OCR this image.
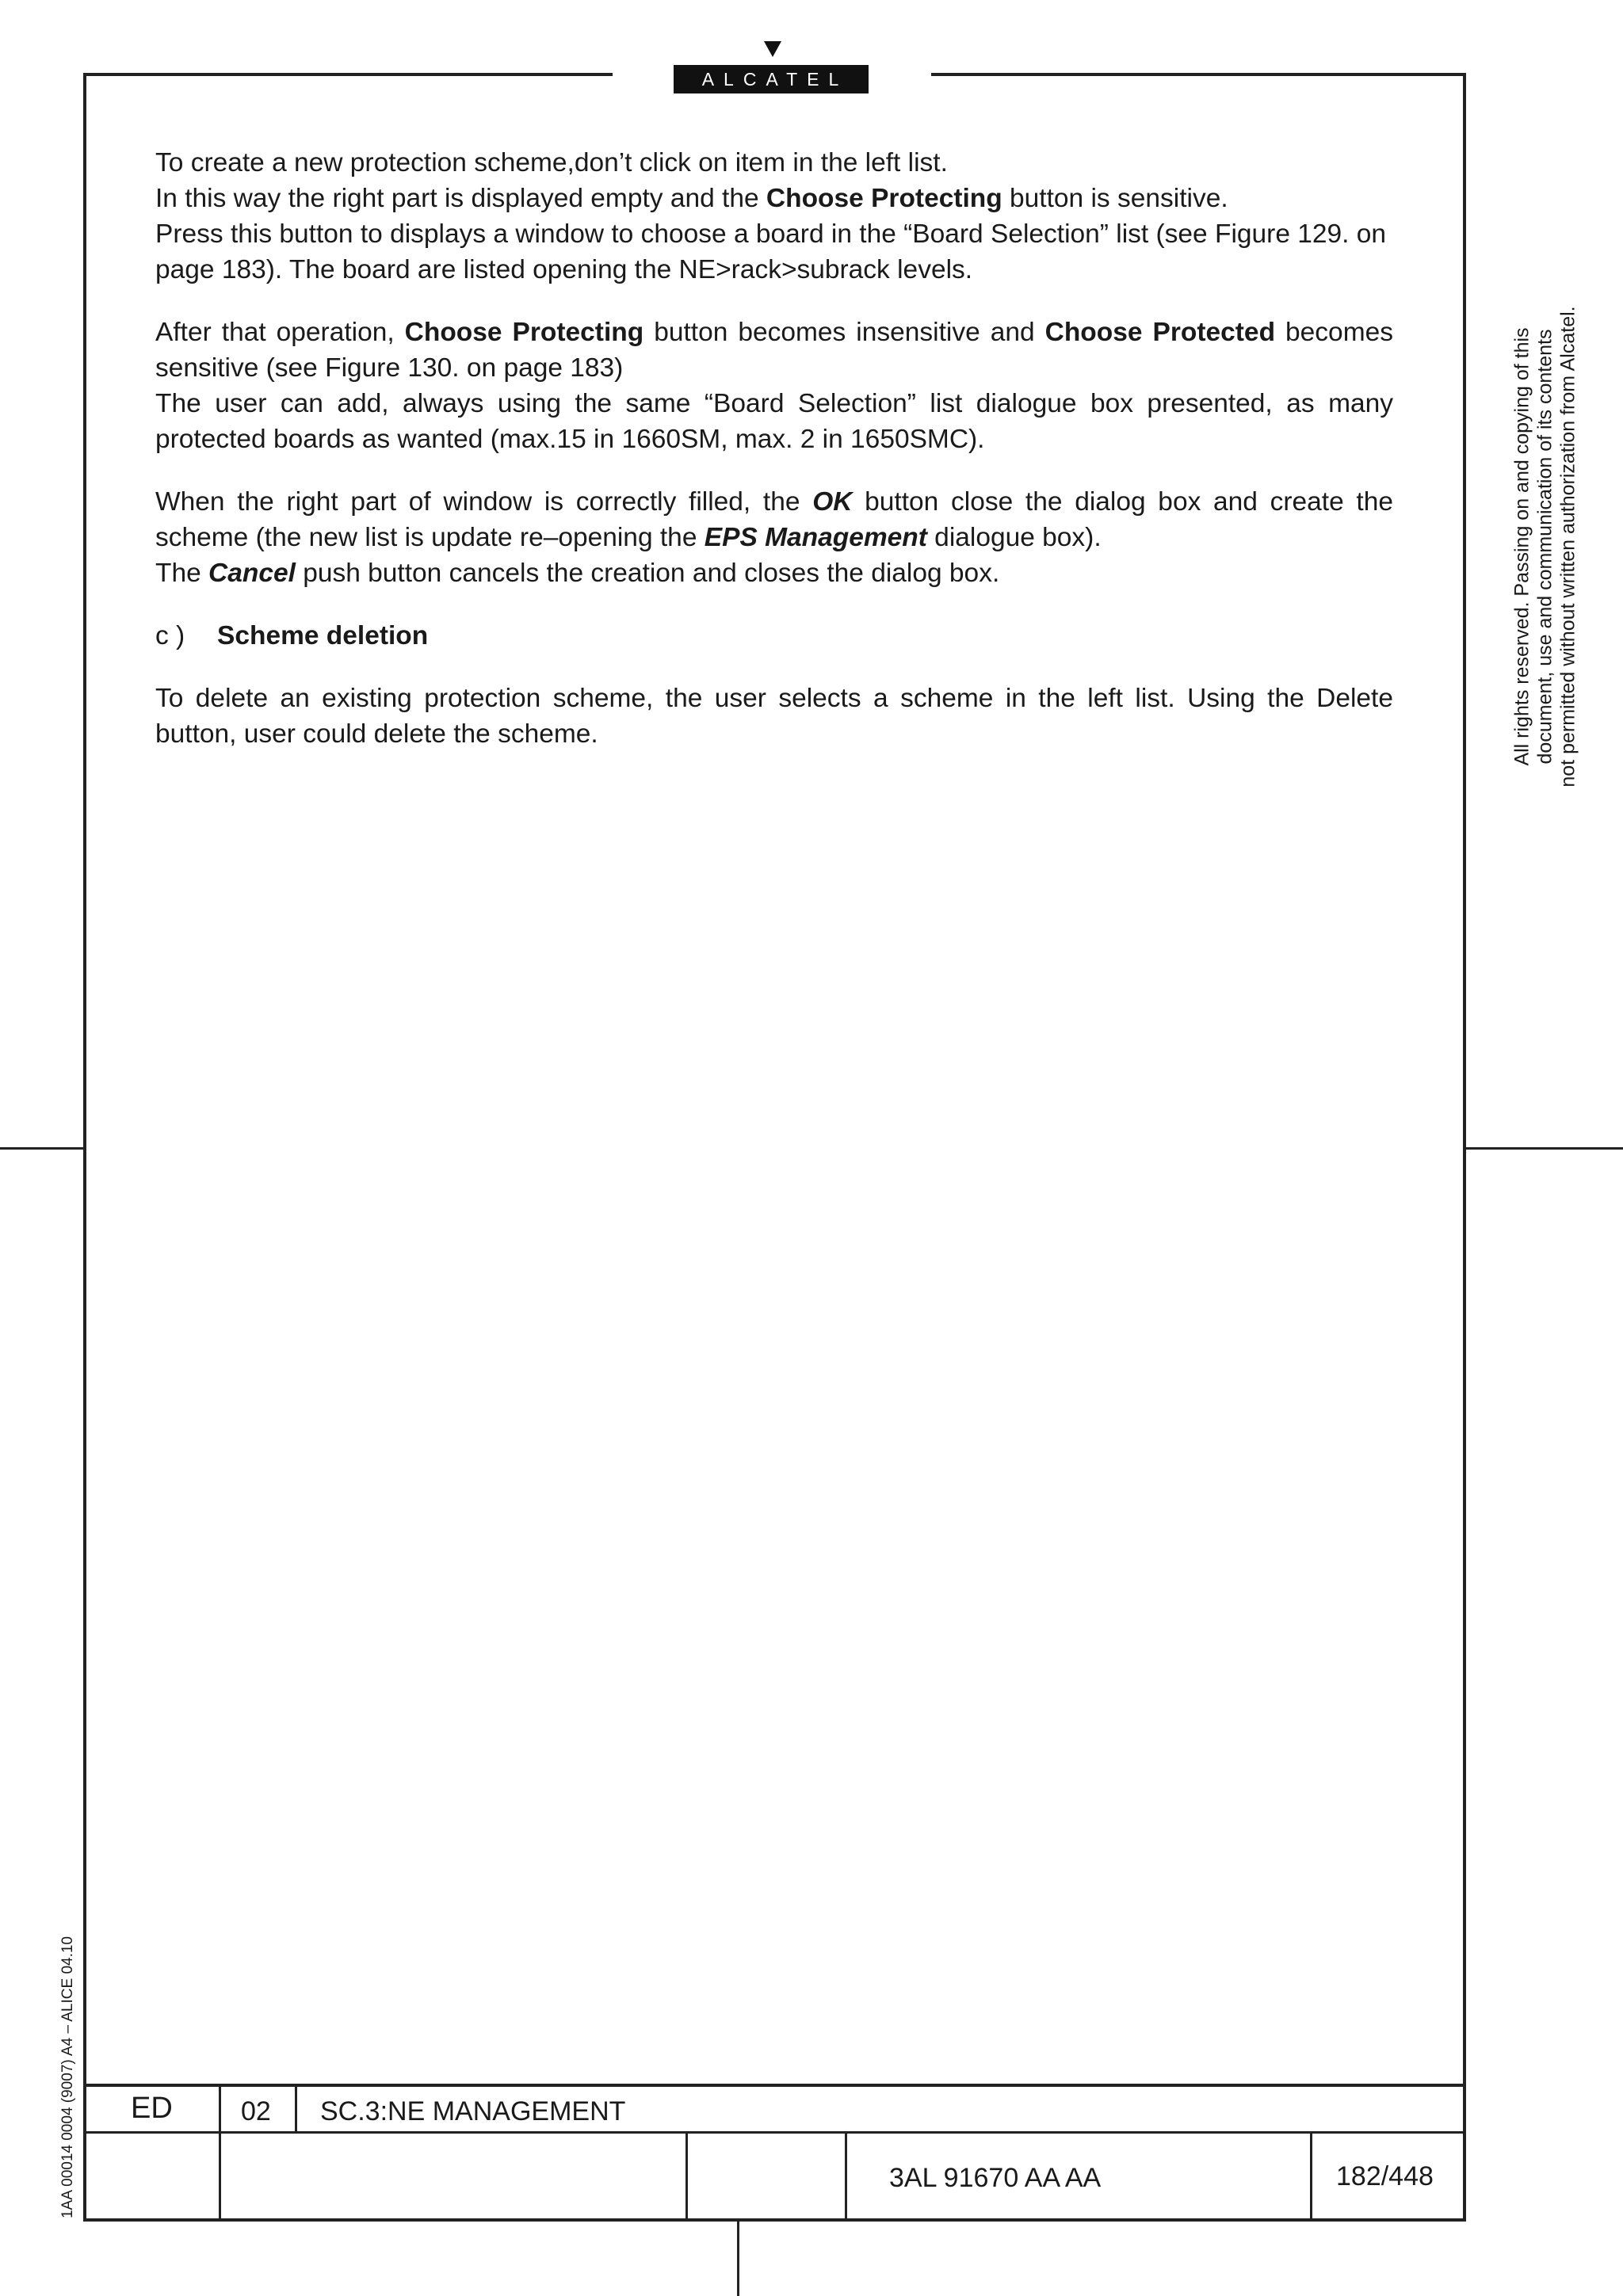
ALCATEL

To create a new protection scheme,don’t click on item in the left list.
In this way the right part is displayed empty and the Choose Protecting button is sensitive.
Press this button to displays a window to choose a board in the “Board Selection” list (see Figure 129. on page 183). The board are listed opening the NE>rack>subrack levels.

After that operation, Choose Protecting button becomes insensitive and Choose Protected becomes sensitive (see Figure 130. on page 183)
The user can add, always using the same “Board Selection” list dialogue box presented, as many protected boards as wanted (max.15 in 1660SM, max. 2 in 1650SMC).

When the right part of window is correctly filled, the OK button close the dialog box and create the scheme (the new list is update re–opening the EPS Management dialogue box).
The Cancel push button cancels the creation and closes the dialog box.

c ) Scheme deletion

To delete an existing protection scheme, the user selects a scheme in the left list. Using the Delete button, user could delete the scheme.	All rights reserved. Passing on and copying of this document, use and communication of its contents not permitted without written authorization from Alcatel.
1AA 00014 0004 (9007) A4 – ALICE 04.10 ED	02 SC.3:NE MANAGEMENT
3AL 91670 AA AA	182/448
